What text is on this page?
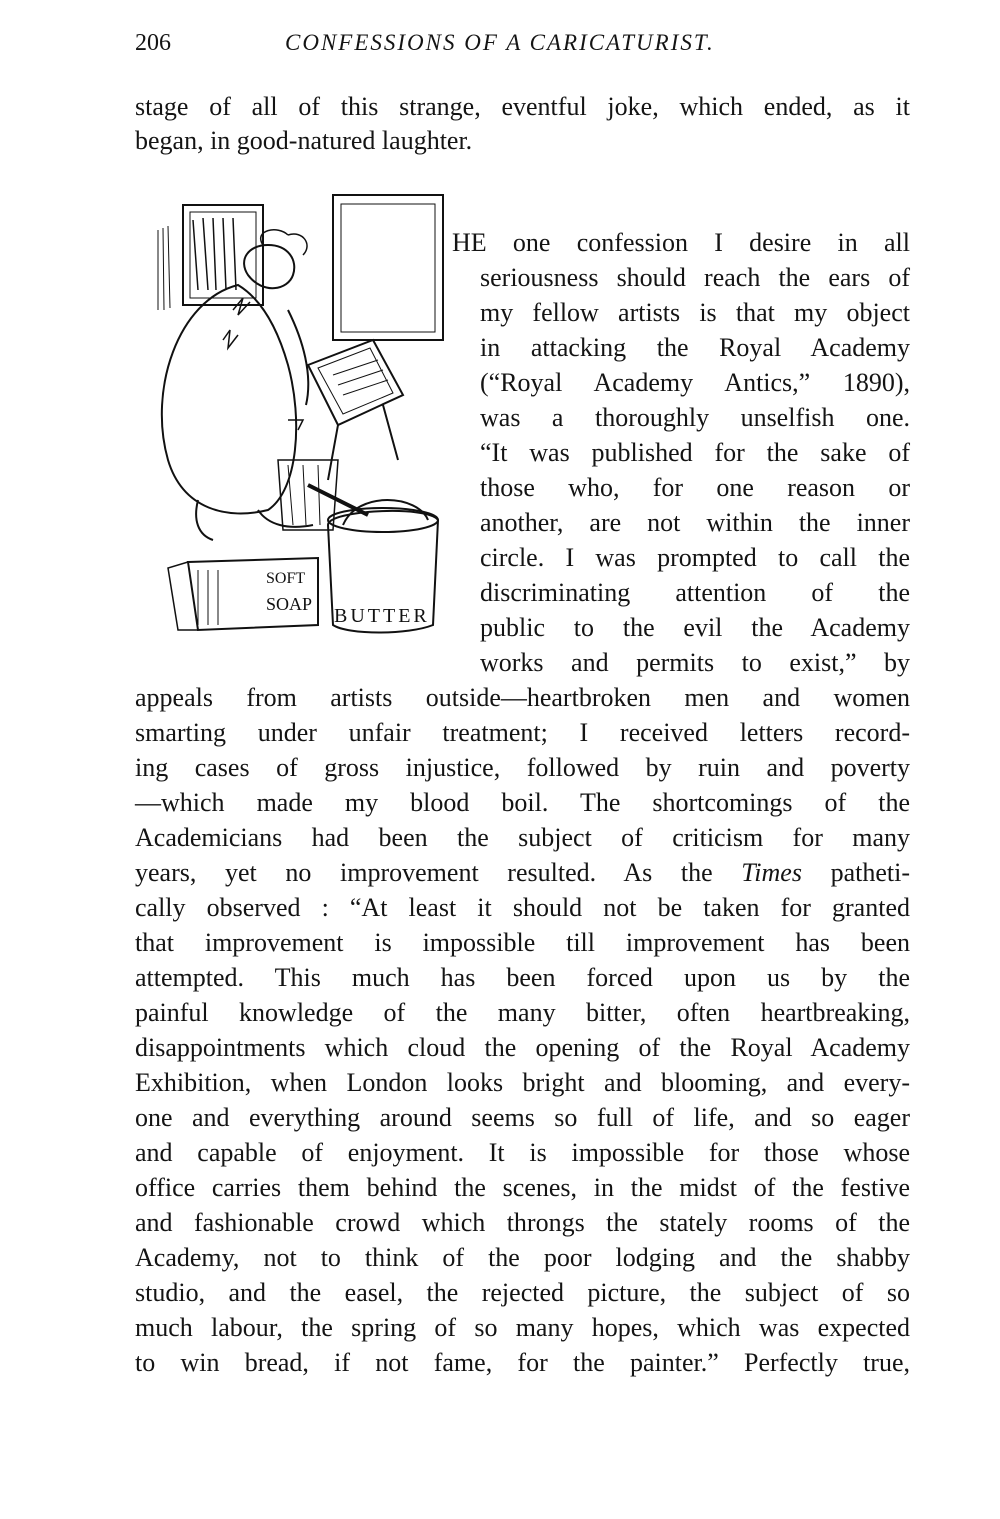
206	CONFESSIONS OF A CARICATURIST.
stage of all of this strange, eventful joke, which ended, as it
began, in good-natured laughter.
SOFT
SOAP
BUTTER
HE one confession I desire in all
seriousness should reach the ears of
my fellow artists is that my object
in attacking the Royal Academy
(“Royal Academy Antics,” 1890),
was a thoroughly unselfish one.
“It was published for the sake of
those who, for one reason or
another, are not within the inner
circle. I was prompted to call the
discriminating attention of the
public to the evil the Academy
works and permits to exist,” by
appeals from artists outside—heartbroken men and women
smarting under unfair treatment; I received letters record-
ing cases of gross injustice, followed by ruin and poverty
—which made my blood boil. The shortcomings of the
Academicians had been the subject of criticism for many
years, yet no improvement resulted. As the Times patheti-
cally observed : “At least it should not be taken for granted
that improvement is impossible till improvement has been
attempted. This much has been forced upon us by the
painful knowledge of the many bitter, often heartbreaking,
disappointments which cloud the opening of the Royal Academy
Exhibition, when London looks bright and blooming, and every-
one and everything around seems so full of life, and so eager
and capable of enjoyment. It is impossible for those whose
office carries them behind the scenes, in the midst of the festive
and fashionable crowd which throngs the stately rooms of the
Academy, not to think of the poor lodging and the shabby
studio, and the easel, the rejected picture, the subject of so
much labour, the spring of so many hopes, which was expected
to win bread, if not fame, for the painter.” Perfectly true,
